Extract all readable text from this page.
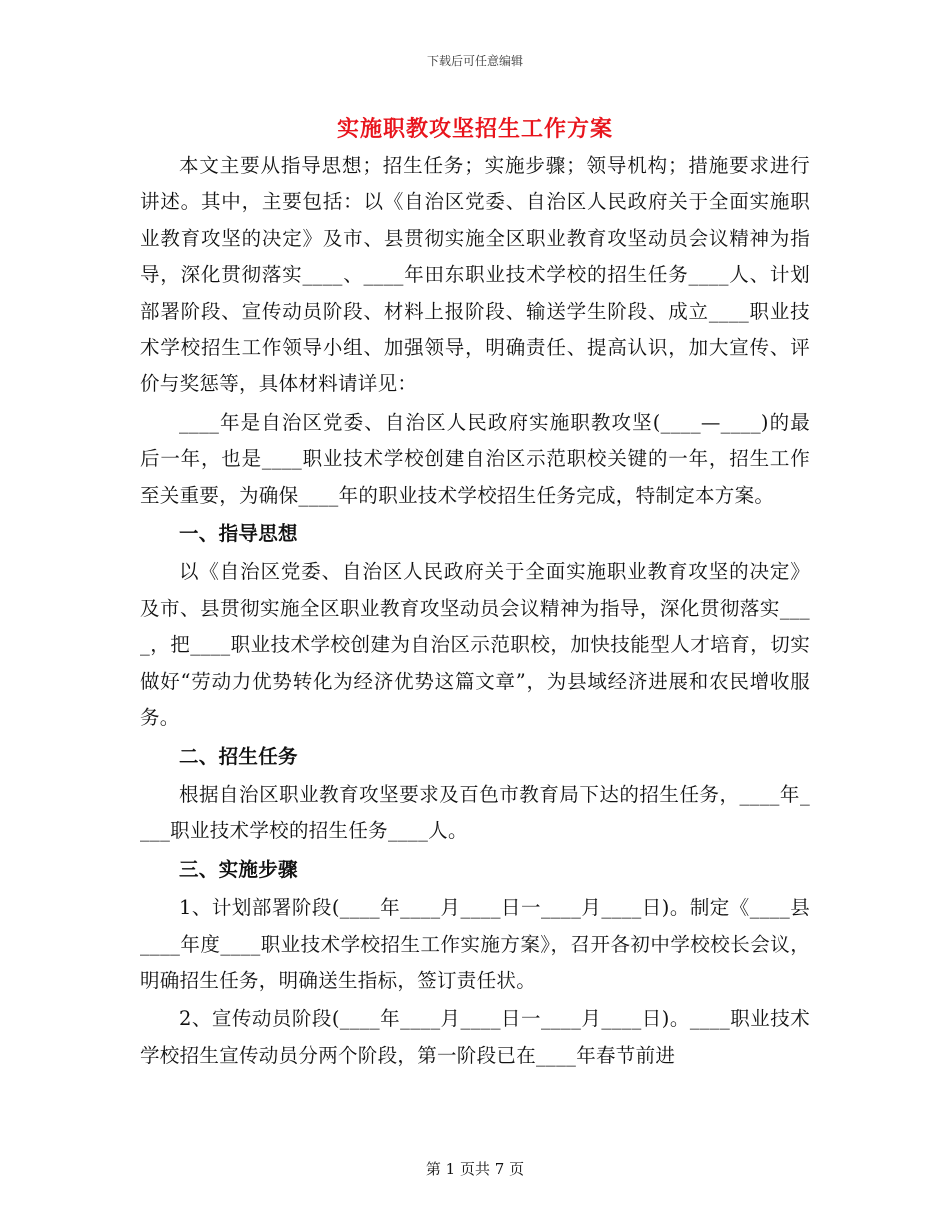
下载后可任意编辑
实施职教攻坚招生工作方案

本文主要从指导思想；招生任务；实施步骤；领导机构；措施要求进行讲述。其中，主要包括：以《自治区党委、自治区人民政府关于全面实施职业教育攻坚的决定》及市、县贯彻实施全区职业教育攻坚动员会议精神为指导，深化贯彻落实____、____年田东职业技术学校的招生任务____人、计划部署阶段、宣传动员阶段、材料上报阶段、输送学生阶段、成立____职业技术学校招生工作领导小组、加强领导，明确责任、提高认识，加大宣传、评价与奖惩等，具体材料请详见：

____年是自治区党委、自治区人民政府实施职教攻坚(____—____)的最后一年，也是____职业技术学校创建自治区示范职校关键的一年，招生工作至关重要，为确保____年的职业技术学校招生任务完成，特制定本方案。

一、指导思想

以《自治区党委、自治区人民政府关于全面实施职业教育攻坚的决定》及市、县贯彻实施全区职业教育攻坚动员会议精神为指导，深化贯彻落实____，把____职业技术学校创建为自治区示范职校，加快技能型人才培育，切实做好“劳动力优势转化为经济优势这篇文章”，为县域经济进展和农民增收服务。

二、招生任务

根据自治区职业教育攻坚要求及百色市教育局下达的招生任务，____年____职业技术学校的招生任务____人。

三、实施步骤

1、计划部署阶段(____年____月____日一____月____日)。制定《____县____年度____职业技术学校招生工作实施方案》，召开各初中学校校长会议，明确招生任务，明确送生指标，签订责任状。

2、宣传动员阶段(____年____月____日一____月____日)。____职业技术学校招生宣传动员分两个阶段，第一阶段已在____年春节前进

第 1 页共 7 页
